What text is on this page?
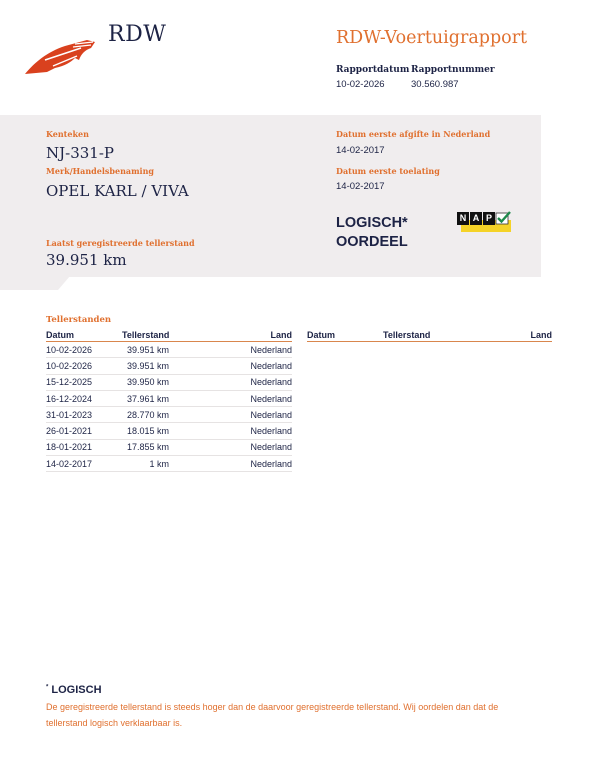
RDW	RDW-Voertuigrapport
Rapportdatum
10-02-2026
Rapportnummer
30.560.987
Kenteken
NJ-331-P
Merk/Handelsbenaming
OPEL KARL / VIVA
Laatst geregistreerde tellerstand
39.951 km
Datum eerste afgifte in Nederland
14-02-2017
Datum eerste toelating
14-02-2017
LOGISCH*
OORDEEL
N A P
Tellerstanden
Datum	Tellerstand	Land
10-02-2026	39.951 km	Nederland
10-02-2026	39.951 km	Nederland
15-12-2025	39.950 km	Nederland
16-12-2024	37.961 km	Nederland
31-01-2023	28.770 km	Nederland
26-01-2021	18.015 km	Nederland
18-01-2021	17.855 km	Nederland
14-02-2017	1 km	Nederland
Datum	Tellerstand	Land
* LOGISCH
De geregistreerde tellerstand is steeds hoger dan de daarvoor geregistreerde tellerstand. Wij oordelen dan dat de tellerstand logisch verklaarbaar is.
